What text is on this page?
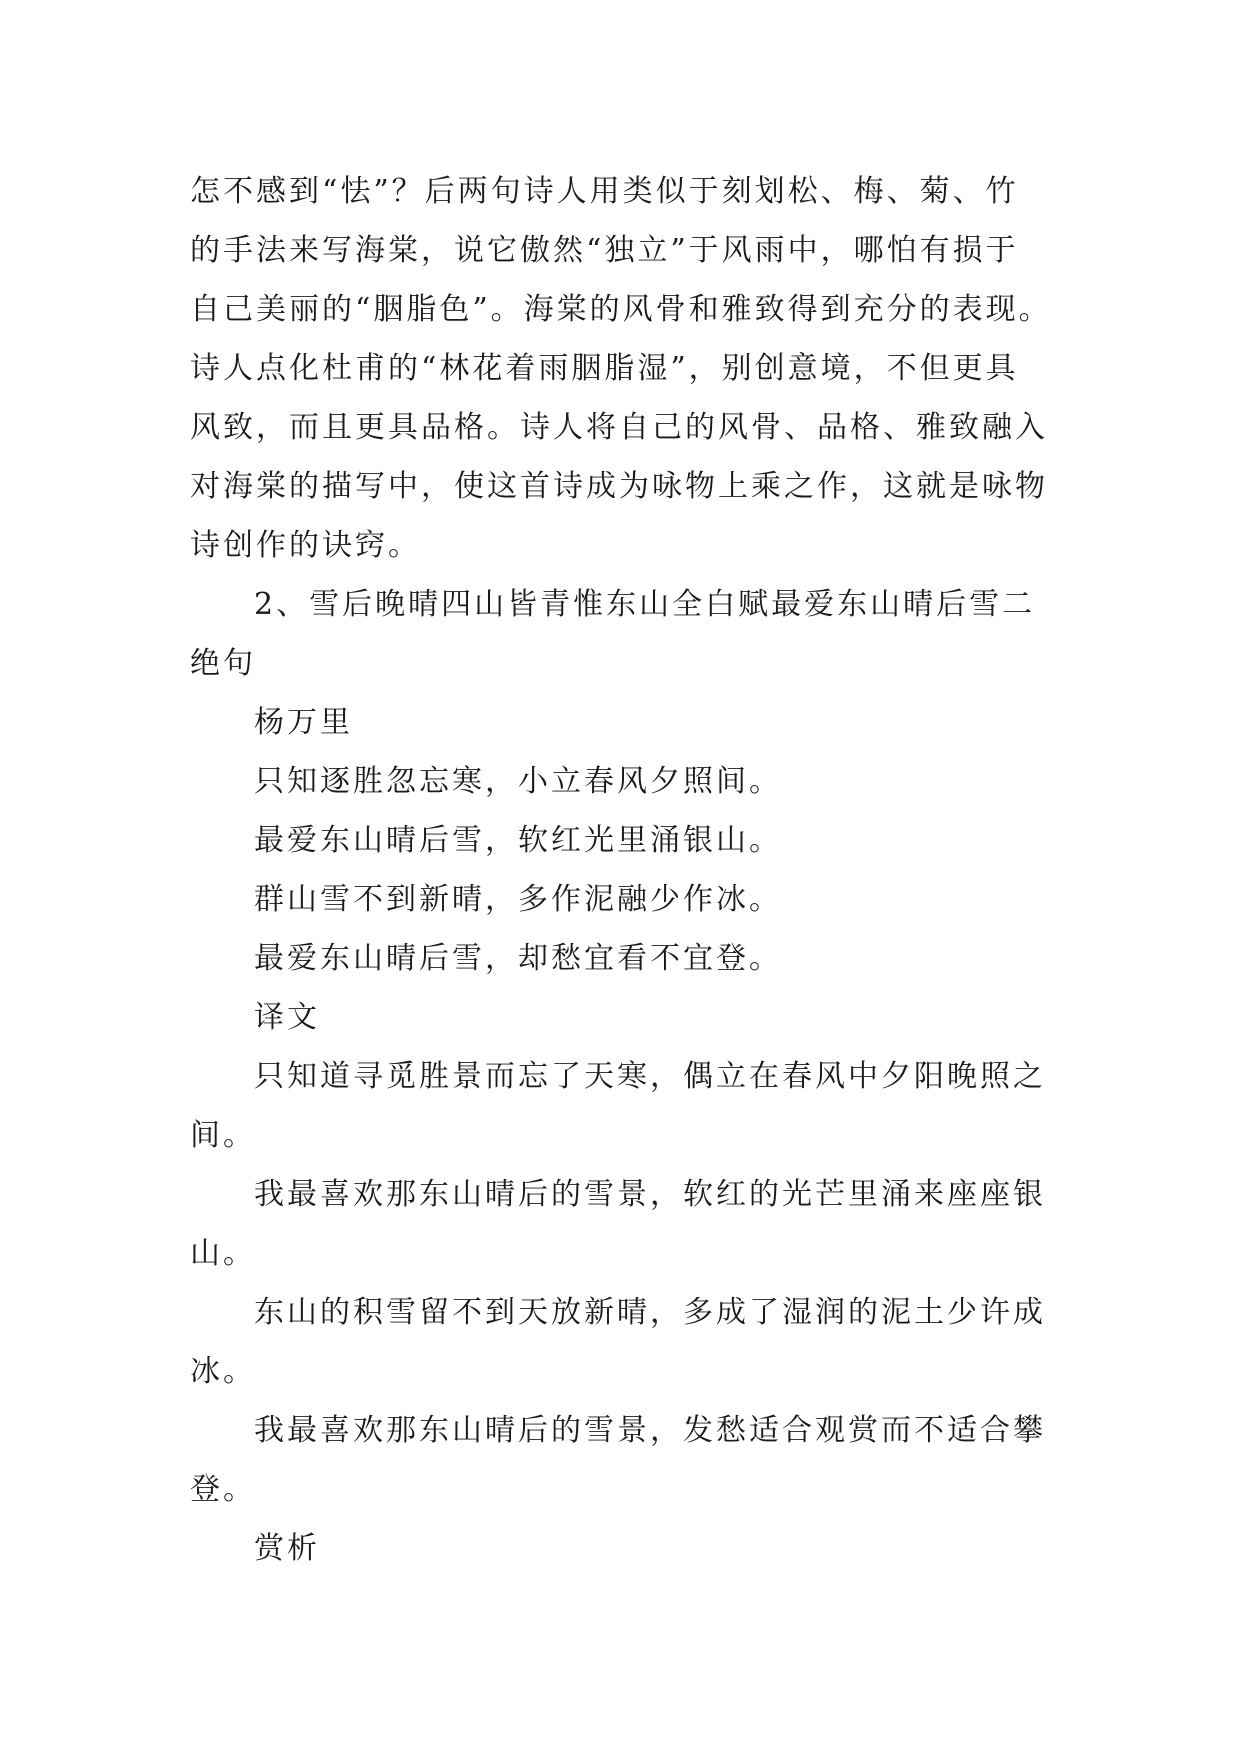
怎不感到“怯”？后两句诗人用类似于刻划松、梅、菊、竹
的手法来写海棠，说它傲然“独立”于风雨中，哪怕有损于
自己美丽的“胭脂色”。海棠的风骨和雅致得到充分的表现。
诗人点化杜甫的“林花着雨胭脂湿”，别创意境，不但更具
风致，而且更具品格。诗人将自己的风骨、品格、雅致融入
对海棠的描写中，使这首诗成为咏物上乘之作，这就是咏物
诗创作的诀窍。
2、雪后晚晴四山皆青惟东山全白赋最爱东山晴后雪二
绝句
杨万里
只知逐胜忽忘寒，小立春风夕照间。
最爱东山晴后雪，软红光里涌银山。
群山雪不到新晴，多作泥融少作冰。
最爱东山晴后雪，却愁宜看不宜登。
译文
只知道寻觅胜景而忘了天寒，偶立在春风中夕阳晚照之
间。
我最喜欢那东山晴后的雪景，软红的光芒里涌来座座银
山。
东山的积雪留不到天放新晴，多成了湿润的泥土少许成
冰。
我最喜欢那东山晴后的雪景，发愁适合观赏而不适合攀
登。
赏析
